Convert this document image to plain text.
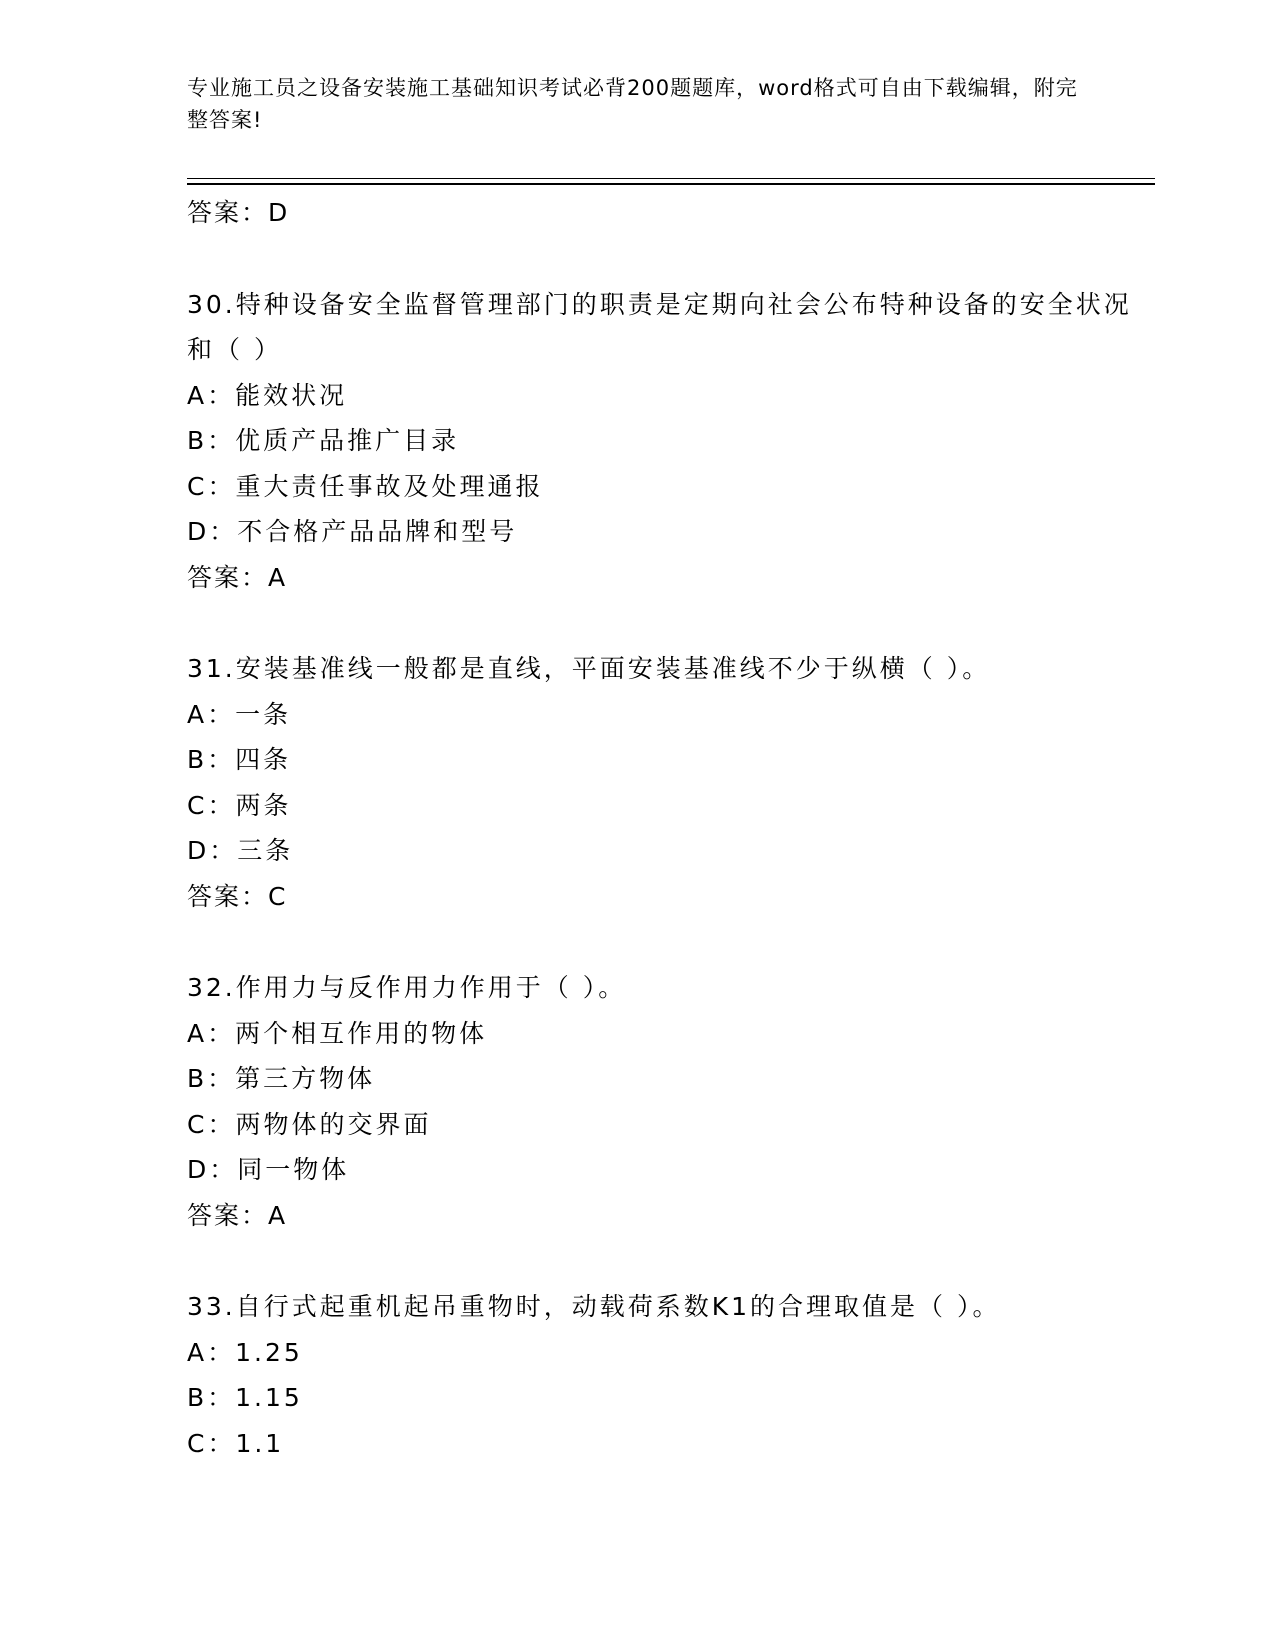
专业施工员之设备安装施工基础知识考试必背200题题库，word格式可自由下载编辑，附完整答案!
答案：D
30.特种设备安全监督管理部门的职责是定期向社会公布特种设备的安全状况和（ ）
A：能效状况
B：优质产品推广目录
C：重大责任事故及处理通报
D：不合格产品品牌和型号
答案：A
31.安装基准线一般都是直线，平面安装基准线不少于纵横（ ）。
A：一条
B：四条
C：两条
D：三条
答案：C
32.作用力与反作用力作用于（ ）。
A：两个相互作用的物体
B：第三方物体
C：两物体的交界面
D：同一物体
答案：A
33.自行式起重机起吊重物时，动载荷系数K1的合理取值是（ ）。
A：1.25
B：1.15
C：1.1
